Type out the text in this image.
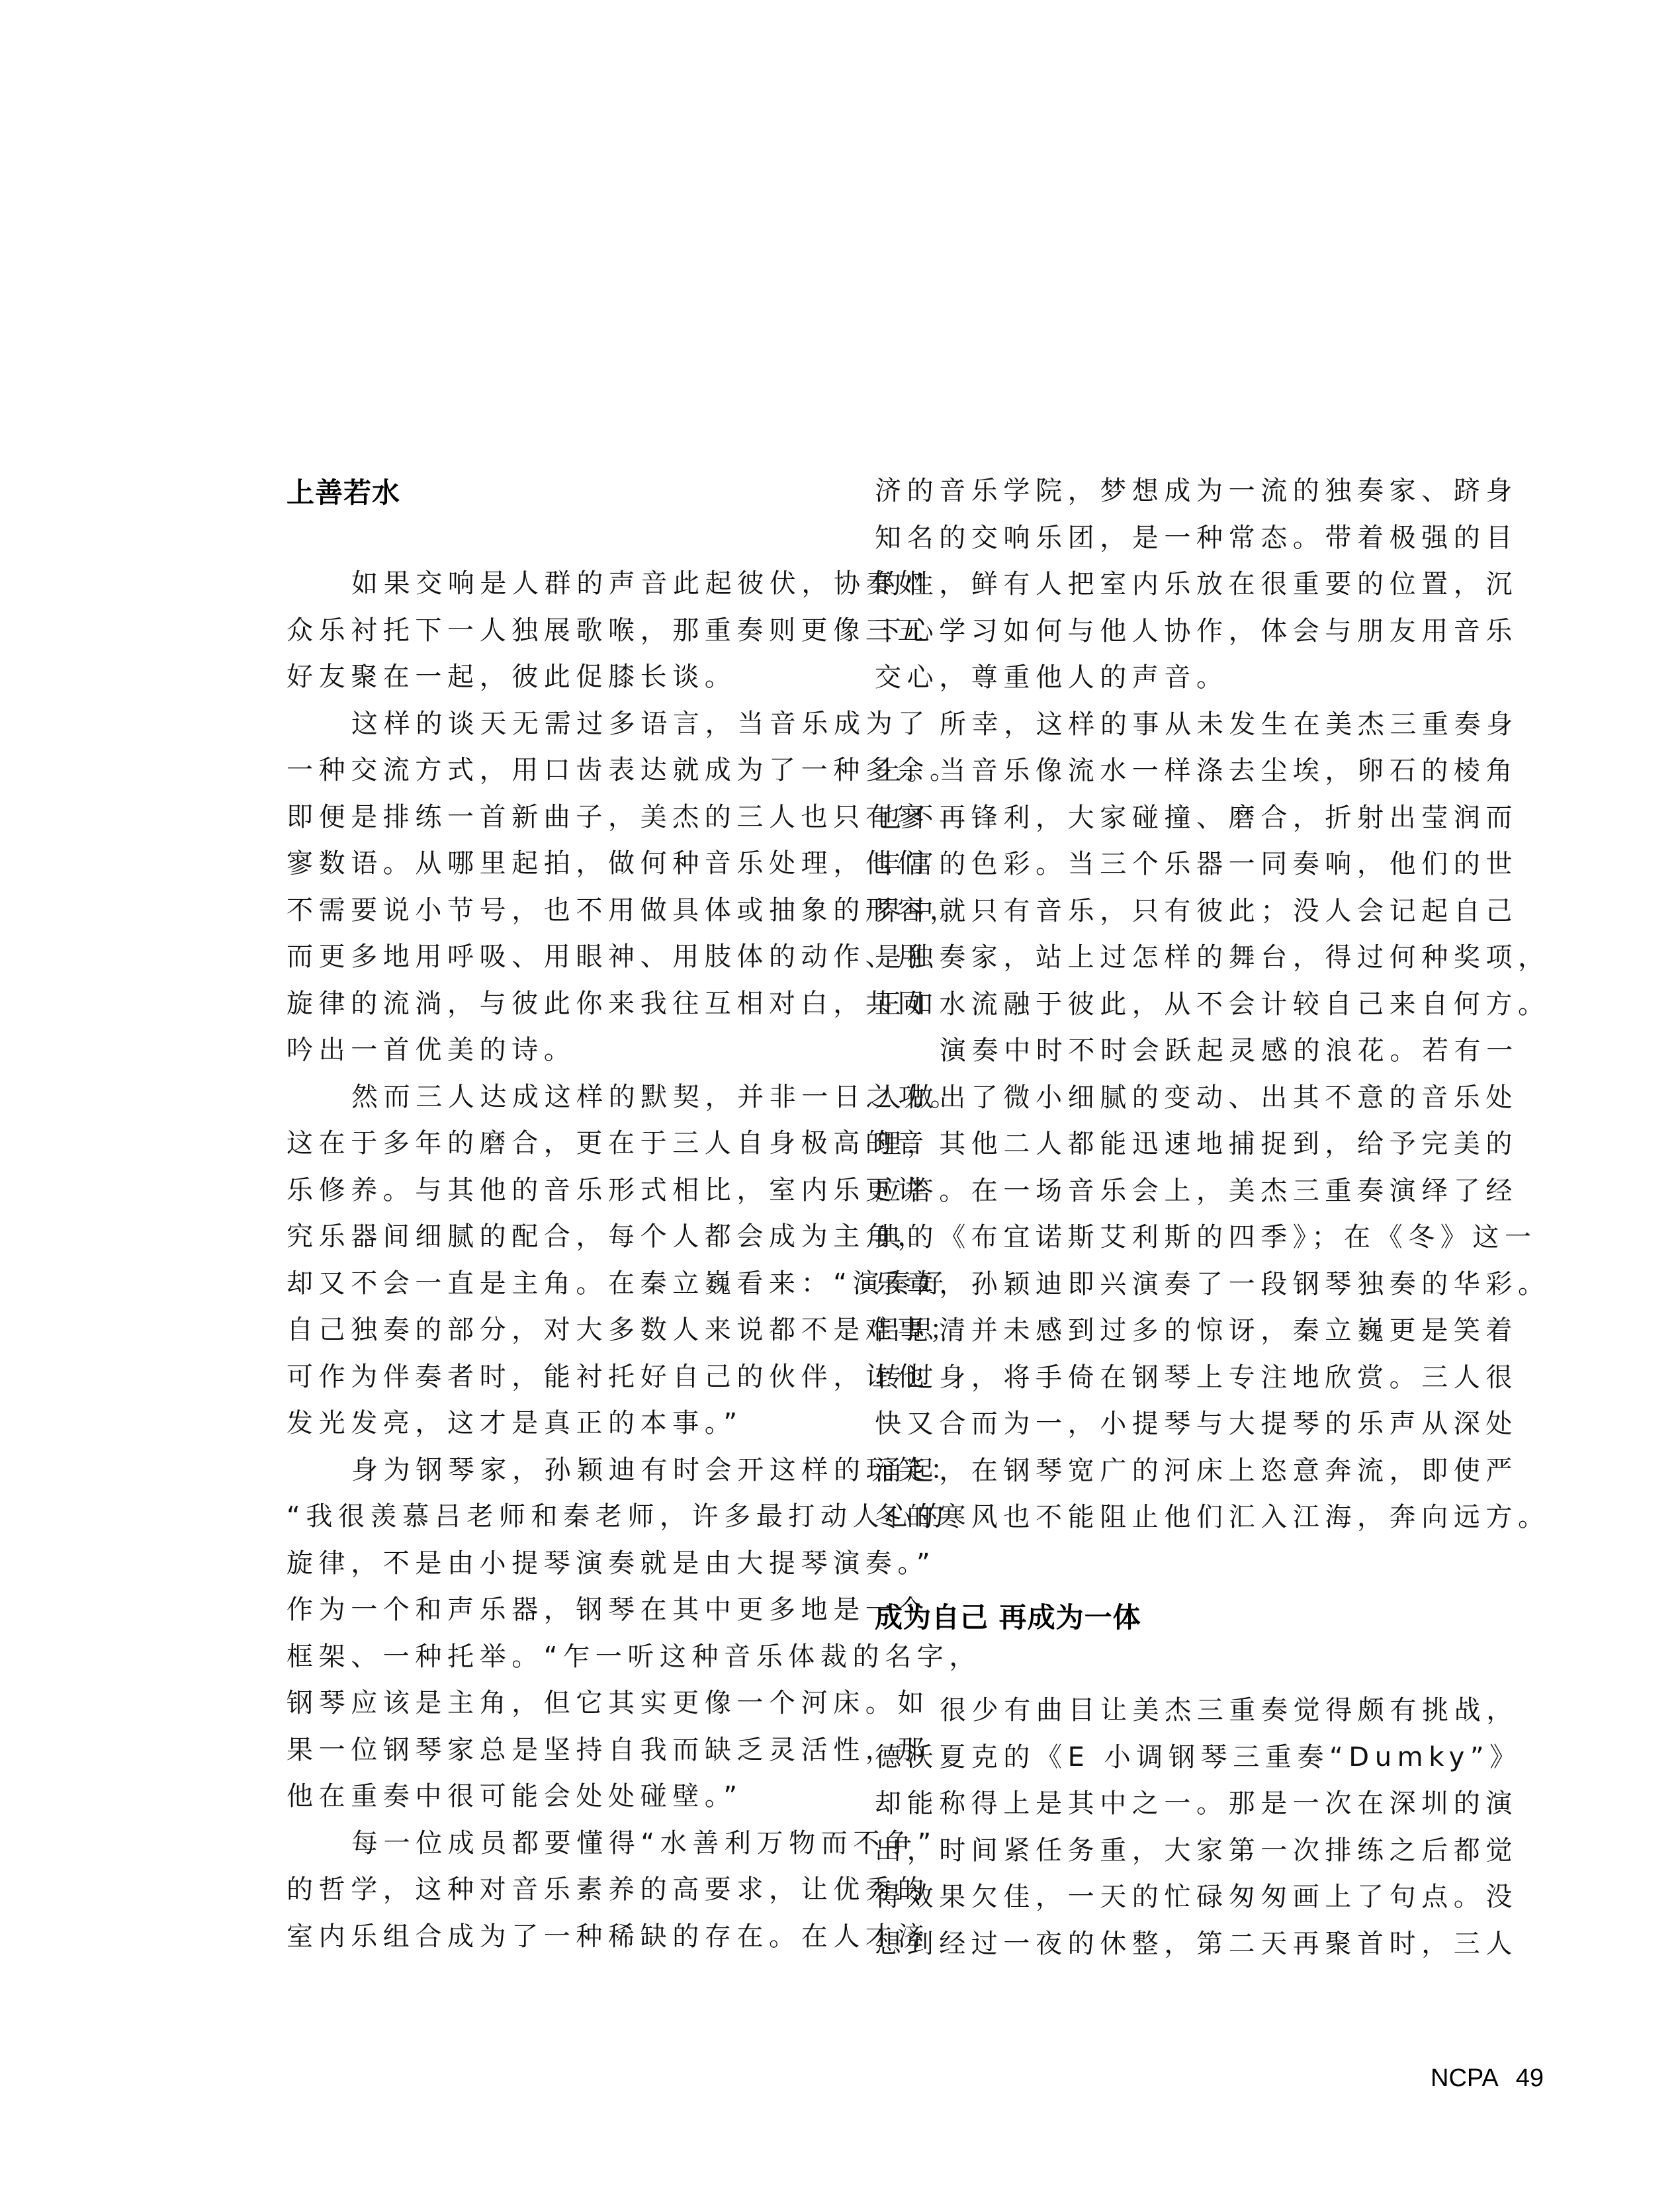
上善若水
如果交响是人群的声音此起彼伏，协奏如
众乐衬托下一人独展歌喉，那重奏则更像三五
好友聚在一起，彼此促膝长谈。
这样的谈天无需过多语言，当音乐成为了
一种交流方式，用口齿表达就成为了一种多余。
即便是排练一首新曲子，美杰的三人也只有寥
寥数语。从哪里起拍，做何种音乐处理，他们
不需要说小节号，也不用做具体或抽象的形容，
而更多地用呼吸、用眼神、用肢体的动作、用
旋律的流淌，与彼此你来我往互相对白，共同
吟出一首优美的诗。
然而三人达成这样的默契，并非一日之功。
这在于多年的磨合，更在于三人自身极高的音
乐修养。与其他的音乐形式相比，室内乐更讲
究乐器间细腻的配合，每个人都会成为主角，
却又不会一直是主角。在秦立巍看来：“演奏好
自己独奏的部分，对大多数人来说都不是难事；
可作为伴奏者时，能衬托好自己的伙伴，让他
发光发亮，这才是真正的本事。”
身为钢琴家，孙颖迪有时会开这样的玩笑：
“我很羡慕吕老师和秦老师，许多最打动人心的
旋律，不是由小提琴演奏就是由大提琴演奏。”
作为一个和声乐器，钢琴在其中更多地是一个
框架、一种托举。“乍一听这种音乐体裁的名字，
钢琴应该是主角，但它其实更像一个河床。如
果一位钢琴家总是坚持自我而缺乏灵活性，那
他在重奏中很可能会处处碰壁。”
每一位成员都要懂得“水善利万物而不争”
的哲学，这种对音乐素养的高要求，让优秀的
室内乐组合成为了一种稀缺的存在。在人才济
济的音乐学院，梦想成为一流的独奏家、跻身
知名的交响乐团，是一种常态。带着极强的目
的性，鲜有人把室内乐放在很重要的位置，沉
下心学习如何与他人协作，体会与朋友用音乐
交心，尊重他人的声音。
所幸，这样的事从未发生在美杰三重奏身
上。当音乐像流水一样涤去尘埃，卵石的棱角
也不再锋利，大家碰撞、磨合，折射出莹润而
丰富的色彩。当三个乐器一同奏响，他们的世
界中就只有音乐，只有彼此；没人会记起自己
是独奏家，站上过怎样的舞台，得过何种奖项，
正如水流融于彼此，从不会计较自己来自何方。
演奏中时不时会跃起灵感的浪花。若有一
人做出了微小细腻的变动、出其不意的音乐处
理，其他二人都能迅速地捕捉到，给予完美的
应答。在一场音乐会上，美杰三重奏演绎了经
典的《布宜诺斯艾利斯的四季》；在《冬》这一
乐章，孙颖迪即兴演奏了一段钢琴独奏的华彩。
吕思清并未感到过多的惊讶，秦立巍更是笑着
转过身，将手倚在钢琴上专注地欣赏。三人很
快又合而为一，小提琴与大提琴的乐声从深处
涌起，在钢琴宽广的河床上恣意奔流，即使严
冬的寒风也不能阻止他们汇入江海，奔向远方。
成为自己 再成为一体
很少有曲目让美杰三重奏觉得颇有挑战，
德沃夏克的《E 小调钢琴三重奏“Dumky”》
却能称得上是其中之一。那是一次在深圳的演
出，时间紧任务重，大家第一次排练之后都觉
得效果欠佳，一天的忙碌匆匆画上了句点。没
想到经过一夜的休整，第二天再聚首时，三人
NCPA 49
